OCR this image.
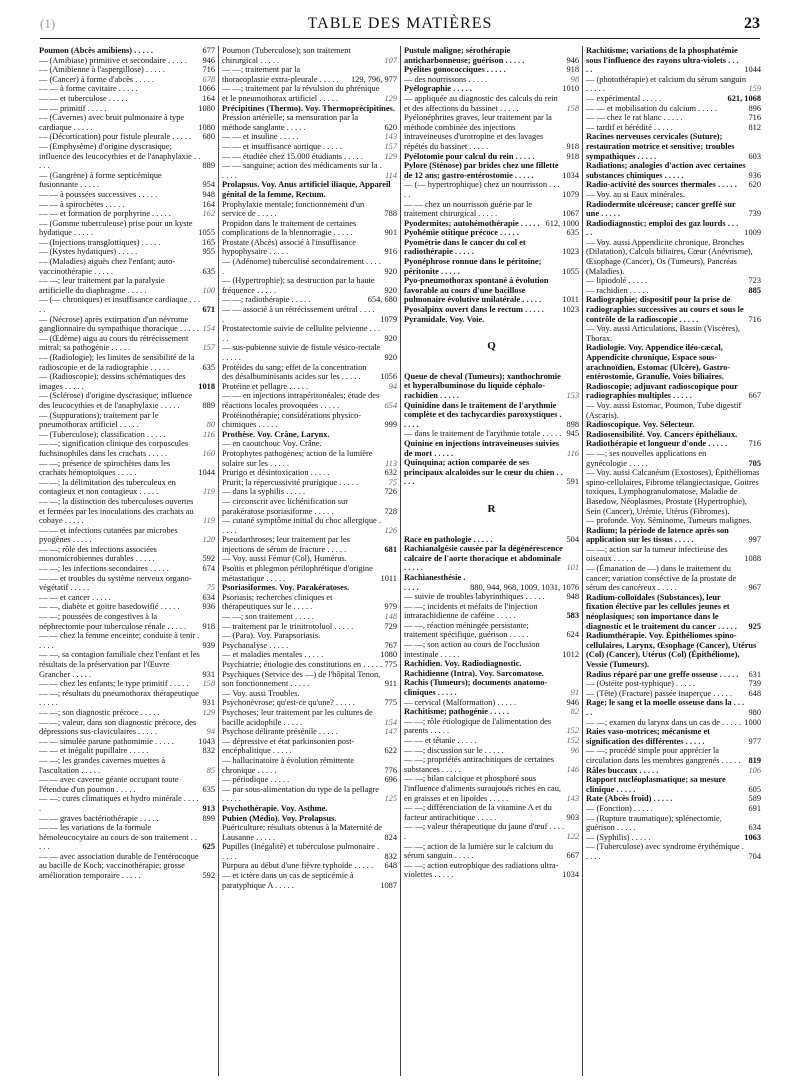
(1)	TABLE DES MATIÈRES	23
Poumon (Abcès amibiens) . . . . .	677
— (Amibiase) primitive et secondaire . . . . .	946
— (Amibienne à l'aspergillose) . . . . .	716
— (Cancer) à forme d'abcès . . . . .	678
— — à forme cavitaire . . . . .	1066
— — et tuberculose . . . . .	164
— — primitif . . . . .	1080
— (Cavernes) avec bruit pulmonaire à type cardiaque . . . . .	1080
— (Décortication) pour fistule pleurale . . . . .	680
— (Emphysème) d'origine dyscrasique; influence des leucocythies et de l'anaphylaxie . . . . .	889
— (Gangrène) à forme septicémique fusionnante . . . . .	954
— — à poussées successives . . . . .	948
— — à spirochètes . . . . .	164
— — et formation de porphyrine . . . . .	162
— (Gomme tuberculeuse) prise pour un kyste hydatique . . . . .	1055
— (Injections transglottiques) . . . . .	165
— (Kystes hydatiques) . . . . .	955
— (Maladies) aiguës chez l'enfant; auto-vaccinothérapie . . . . .	635
— —; leur traitement par la paralysie artificielle du diaphragme . . . . .	100
— (— chroniques) et insuffisance cardiaque . . . . .	671
— (Nécrose) après extirpation d'un névrome ganglionnaire du sympathique thoracique . . . . . 154
— (Œdème) aigu au cours du rétrécissement mitral; sa pathogénie . . . . .	157
— (Radiologie); les limites de sensibilité de la radioscopie et de la radiographie . . . . .	635
— (Radioscopie); dessins schématiques des images . . . . .	1018
— (Sclérose) d'origine dyscrasique; influence des leucocythies et de l'anaphylaxie . . . . .	889
— (Suppurations); traitement par le pneumothorax artificiel . . . . .	80
— (Tuberculose); classification . . . . .	116
— —; signification clinique des corpuscules fuchsinophiles dans les crachats . . . . .	160
— —; présence de spirochètes dans les crachats hémoptoïques . . . . .	1044
— —; la délimitation des tuberculeux en contagieux et non contagieux . . . . .	119
— —; la distinction des tuberculoses ouvertes et fermées par les inoculations des crachats au cobaye . . . . .	119
— — et infections cutanées par microbes pyogènes . . . . .	120
— —; rôle des infections associées monomicrobiennes durables . . . . .	592
— —; les infections secondaires . . . . .	674
— — et troubles du système nerveux organo-végétatif . . . . .	75
— — et cancer . . . . .	634
— —, diabète et goitre basedowifié . . . . .	936
— —; poussées de congestives à la néphrectomie pour tuberculose rénale . . . . .	918
— — chez la femme enceinte; conduite à tenir . . . . .	939
— —, sa contagion familiale chez l'enfant et les résultats de la préservation par l'Œuvre Grancher . . . . .	931
— — chez les enfants; le type primitif . . . . .	158
— —; résultats du pneumothorax thérapeutique . . . . .	931
— —; son diagnostic précoce . . . . .	129
— —; valeur, dans son diagnostic précoce, des dépressions sus-claviculaires . . . . .	94
— — simulée parune pathomimie . . . . .	1043
— — et inégalit pupillaire . . . . .	832
— —; les grandes cavernes muettes à l'ascultation . . . . .	85
— — avec caverne géante occupant toute l'étendue d'un poumon . . . . .	635
— —; cures climatiques et hydro minérale . . . . .	913
— — graves bactériothérapie . . . . .	899
— — les variations de la formule hémoleucocytaire au cours de son traitement . . . . .	625
— — avec association durable de l'entérocoque au bacille de Koch; vaccinothérapie; grosse amélioration temporaire . . . . .	592
Poumon (Tuberculose); son traitement chirurgical . . . . .	107
— —; traitement par la thoracoplastie extra-pleurale . . . . .	129, 796, 977
— —; traitement par la révulsion du phrénique et le pneumothorax artificiel . . . . .	129
Précipitines (Thermo). Voy. Thermoprécipitines.
Pression artérielle; sa mensuration par la méthode sanglante . . . . .	620
— — et insuline . . . . .	143
— — et insuffisance aortique . . . . .	157
— — étudiée chez 15.000 étudiants . . . . .	129
— — sanguine; action des médicaments sur la . . . . .	114
Prolapsus. Voy. Anus artificiel iliaque, Appareil génital de la femme, Rectum.
Prophylaxie mentale; fonctionnement d'un service de . . . . .	788
Propidon dans le traitement de certaines complications de la blennorragie . . . . .	901
Prostate (Abcès) associé à l'insuffisance hypophysaire . . . . .	916
— (Adénome) tuberculisé secondairement . . . . .	920
— (Hypertrophie); sa destruction par la haute fréquence . . . . .	920
— —; radiothérapie . . . . .	654, 680
— — associé à un rétrécissement urétral . . . . .	1079
Prostatectomie suivie de cellulite pelvienne . . . . .	920
— sus-pubienne suivie de fistule vésico-rectale . . . . .	920
Protéides du sang; effet de la concentration des désalbuminisants acides sur les . . . . .	1056
Protéine et pellagre . . . . .	94
— — en injections intrapéritonéales; étude des réactions locales provoquées . . . . .	654
Protéinothérapie; considérations physico-chimiques . . . . .	999
Prothèse. Voy. Crâne, Larynx.
— en caoutchouc Voy. Crâne.
Protophytes pathogènes; action de la lumière solaire sur les . . . . .	113
Prurigo et désintoxication . . . . .	632
Prurit; la répercussivité prurigique . . . . .	75
— dans la syphilis . . . . .	726
— circonscrit avec lichénification sur parakératose psoriasiforme . . . . .	728
— cutané symptôme initial du choc allergique . . . . .	126
Pseudarthroses; leur traitement par les injections de sérum de fracture . . . . .	681
— Voy. aussi Fémur (Col), Humérus.
Psoïtis et phlegmon périlophrétique d'origine métastatique . . . . .	1011
Psoriasiformes. Voy. Parakératoses.
Psoriasis; recherches cliniques et thérapeutiques sur le . . . . .	979
— —; son traitement . . . . .	148
— traitement par le trinitrotoluol . . . . .	729
— (Para). Voy. Parapsoriasis.
Psychanalyse . . . . .	767
— et maladies mentales . . . . .	1080
Psychiatrie; étiologie des constitutions en . . . . . 775
Psychiques (Service des —) de l'hôpital Tenon, son fonctionnement . . . . .	911
— Voy. aussi Troubles.
Psychonévrose; qu'est-ce qu'une? . . . . .	775
Psychoses; leur traitement par les cultures de bacille acidophile . . . . .	154
Psychose délirante présénile . . . . .	147
— dépressive et état parkinsonien post-encéphalitique . . . . .	622
— hallucinatoire à évolution rémittente chronique . . . . .	776
— périodique . . . . .	696
— par sous-alimentation du type de la pellagre . . . . .	125
Psychothérapie. Voy. Asthme.
Pubien (Médio). Voy. Prolapsus.
Puériculture; résultats obtenus à la Maternité de Lausanne . . . . .	824
Pupilles (Inégalité) et tuberculose pulmonaire . . . . .	832
Purpura au début d'une fièvre typhoïde . . . . .	648
— et ictère dans un cas de septicémie à paratyphique A . . . . .	1087
Pustule maligne; sérothérapie anticharbonneuse; guérison . . . . .	946
Pyélites gonococciques . . . . .	918
— des nourrissons . . . . .	98
Pyélographie . . . . .	1010
— appliquée au diagnostic des calculs du rein et des affections du bassinet . . . . .	158
Pyélonéphrites graves, leur traitement par la méthode combinée des injections intraveineuses d'urotropine et des lavages répétés du bassinet . . . . .	918
Pyélotomie pour calcul du rein . . . . .	918
Pylore (Sténose) par brides chez une fillette de 12 ans; gastro-entérostomie . . . . .	1034
— (— hypertrophique) chez un nourrisson . . . . .	1079
— — chez un nourrisson guérie par le traitement chirurgical . . . . .	1067
Pyodermites; autohémothérapie . . . . . 612, 1000
Pyohémie otitique précoce . . . . .	635
Pyométrie dans le cancer du col et radiothérapie . . . . .	1023
Pyonéphrose ronnue dans le péritoine; péritonite . . . . .	1055
Pyo-pneumothorax spontané à évolution favorable au cours d'une bacillose pulmonaire évolutive unilatérale . . . . .	1011
Pyosalpinx ouvert dans le rectum . . . . .	1023
Pyramidale. Voy. Voie.
Q
Queue de cheval (Tumeurs); xanthochromie et hyperalbuminose du liquide céphalo-rachidien . . . . .	153
Quinidine dans le traitement de l'arythmie complète et des tachycardies paroxystiques . . . . .	898
— dans le traitement de l'arythmie totale . . . . . 945
Quinine en injections intraveineuses suivies de mort . . . . .	116
Quinquina; action comparée de ses principaux alcaloïdes sur le cœur du chien . . . . .	591
R
Race en pathologie . . . . .	504
Rachianalgésie causée par la dégénérescence calcaire de l'aorte thoracique et abdominale . . . . .	101
Rachianesthésie . . . . .	880, 944, 968, 1009, 1031, 1076
— suivie de troubles labyrinthiques . . . . .	948
— —; incidents et méfaits de l'injection intrarachidienne de caféine . . . . .	583
— —, réaction méningée persistante; traitement spécifique, guérison . . . . .	624
— —; son action au cours de l'occlusion intestinale . . . . .	1012
Rachidien. Voy. Radiodiagnostic.
Rachidienne (Intra). Voy. Sarcomatose.
Rachis (Tumeurs); documents anatomo-cliniques . . . . .	91
— cervical (Malformation) . . . . .	946
Rachitisme; pathogénie . . . . .	82
— —; rôle étiologique de l'alimentation des parents . . . . .	152
— — et tétanie . . . . .	152
— —; discussion sur le . . . . .	96
— —; propriétés antirachitiques de certaines substances . . . . .	146
— —; bilan calcique et phosphoré sous l'influence d'aliments suraujoués riches en cau, en graisses et en lipoïdes . . . . .	143
— —; différenciation de la vitamine A et du facteur antirachitique . . . . .	903
— —; valeur thérapeutique du jaune d'œuf . . . . .	122
— —; action de la lumière sur le calcium du sérum sanguin . . . . .	667
— —; action eutrophique des radiations ultra-violettes . . . . .	1034
Rachitisme; variations de la phosphatémie sous l'influence des rayons ultra-violets . . . . .	1044
— (photothérapie) et calcium du sérum sanguin . . . . .	159
— expérimental . . . . .	621, 1068
— — et mobilisation du calcium . . . . .	896
— — chez le rat blanc . . . . .	716
— tardif et hérédité . . . . .	812
Racines nerveuses cervicales (Suture); restauration motrice et sensitive; troubles sympathiques . . . . .	603
Radiations; analogies d'action avec certaines substances chimiques . . . . .	936
Radio-activité des sources thermales . . . . .	620
— Voy. au si Eaux minérales.
Radiodermite ulcéreuse; cancer greffé sur une . . . . .	739
Radiodiagnostic; emploi des gaz lourds . . . . .	1009
— Voy. aussi Appendicite chronique, Bronches (Dilatation), Calculs biliaires, Cœur (Anévrisme), Œsophage (Cancer), Os (Tumeurs), Pancréas (Maladies).
— lipiodolé . . . . .	723
— rachidien . . . . .	885
Radiographie; dispositif pour la prise de radiographies successives au cours et sous le contrôle de la radioscopie . . . . .	716
— Voy. aussi Articulations, Bassin (Viscères), Thorax.
Radiologie. Voy. Appendice iléo-cæcal, Appendicite chronique, Espace sous-arachnoïdien, Estomac (Ulcère), Gastro-entérostomie, Granulie, Voies biliaires.
Radioscopie; adjuvant radioscopique pour radiographies multiples . . . . .	667
— Voy. aussi Estomac, Poumon, Tube digestif (Ascaris).
Radioscopique. Voy. Sélecteur.
Radiosensibilité. Voy. Cancers épithéliaux.
Radiothérapie et longueur d'onde . . . . .	716
— —; ses nouvelles applications en gynécologie . . . . .	705
— Voy. aussi Calcanéum (Exostoses), Épithéliomas spino-cellulaires, Fibrome télangiectasique, Goitres toxiques, Lymphogranulomatose, Maladie de Basedow, Néoplasmes, Prostate (Hypertrophie), Sein (Cancer), Urémie, Utérus (Fibromes).
— profonde. Voy. Séminome, Tumeurs malignes.
Radium; la période de latence après son application sur les tissus . . . . .	997
— —; action sur la tumeur infectieuse des oiseaux . . . . .	1088
— (Émanation de —) dans le traitement du cancer; variation conséctive de la prostate de sérum des cancéreux . . . . .	967
Radium-colloïdales (Substances), leur fixation élective par les cellules jeunes et néoplasiques; son importance dans le diagnostic et le traitement du cancer . . . . .	925
Radiumthérapie. Voy. Épithéliomes spino-cellulaires, Larynx, Œsophage (Cancer), Utérus (Col) (Cancer), Utérus (Col) (Épithéliome), Vessie (Tumeurs).
Radius réparé par une greffe osseuse . . . . .	631
— (Ostéite post-typhique) . . . . .	739
— (Tête) (Fracture) passée inaperçue . . . . .	648
Rage; le sang et la moelle osseuse dans la . . . . .	980
— —; examen du larynx dans un cas de . . . . . 1000
Raies vaso-motrices; mécanisme et signification des différentes . . . . .	977
— —; procédé simple pour apprécier la circulation dans les membres gangrenés . . . . . 819
Râles buccaux . . . . .	106
Rapport nucléoplasmatique; sa mesure clinique . . . . .	605
Rate (Abcès froid) . . . . .	589
— (Fonction) . . . . .	691
— (Rupture traumatique); splénectomie, guérison . . . . .	634
— (Syphilis) . . . . .	1063
— (Tuberculose) avec syndrome érythémique . . . . .	704
